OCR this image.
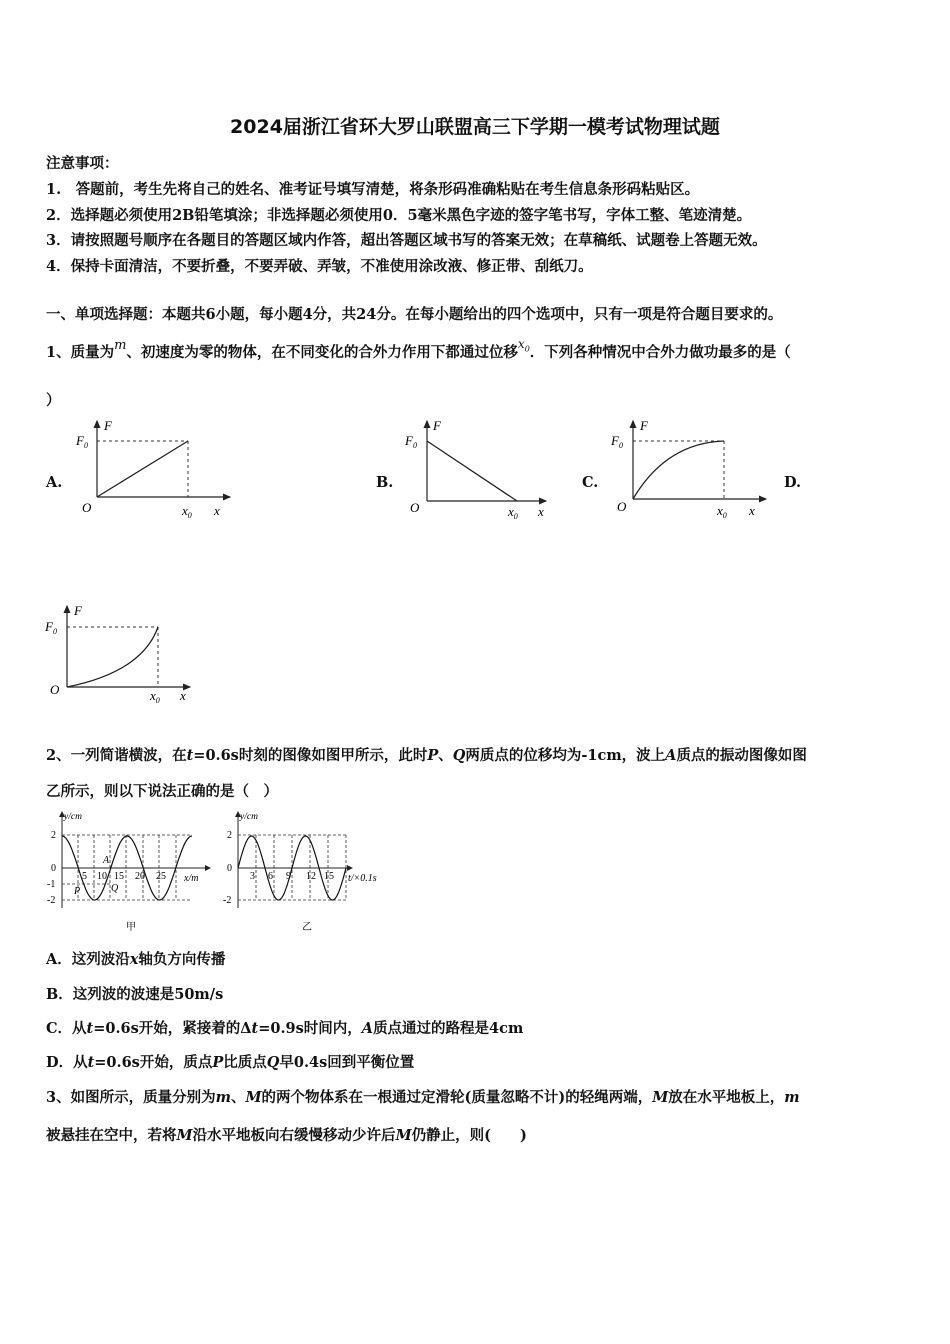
2024届浙江省环大罗山联盟高三下学期一模考试物理试题
注意事项：
1.　答题前，考生先将自己的姓名、准考证号填写清楚，将条形码准确粘贴在考生信息条形码粘贴区。
2．选择题必须使用2B铅笔填涂；非选择题必须使用0．5毫米黑色字迹的签字笔书写，字体工整、笔迹清楚。
3．请按照题号顺序在各题目的答题区域内作答，超出答题区域书写的答案无效；在草稿纸、试题卷上答题无效。
4．保持卡面清洁，不要折叠，不要弄破、弄皱，不准使用涂改液、修正带、刮纸刀。
一、单项选择题：本题共6小题，每小题4分，共24分。在每小题给出的四个选项中，只有一项是符合题目要求的。
1、质量为m、初速度为零的物体，在不同变化的合外力作用下都通过位移$^{x_0}$．下列各种情况中合外力做功最多的是（
）
A.	B.	C.	D.
F
$F_0$
O	$x_0$ x
F
$F_0$
O	$x_0$ x
F
$F_0$
O	$x_0$ x
F
$F_0$
O	$x_0$ x
2、一列简谐横波，在t=0.6s时刻的图像如图甲所示，此时P、Q两质点的位移均为-1cm，波上A质点的振动图像如图
乙所示，则以下说法正确的是（　）
y/cm
x/m
2
0
-1
-2
5 10 15 20 25
A
P	Q
甲
y/cm
t/×0.1s
2
0
-2
3 6 9 12 15
乙
A．这列波沿x轴负方向传播
B．这列波的波速是50m/s
C．从t=0.6s开始，紧接着的Δt=0.9s时间内，A质点通过的路程是4cm
D．从t=0.6s开始，质点P比质点Q早0.4s回到平衡位置
3、如图所示，质量分别为m、M的两个物体系在一根通过定滑轮(质量忽略不计)的轻绳两端，M放在水平地板上，m
被悬挂在空中，若将M沿水平地板向右缓慢移动少许后M仍静止，则(　　)
